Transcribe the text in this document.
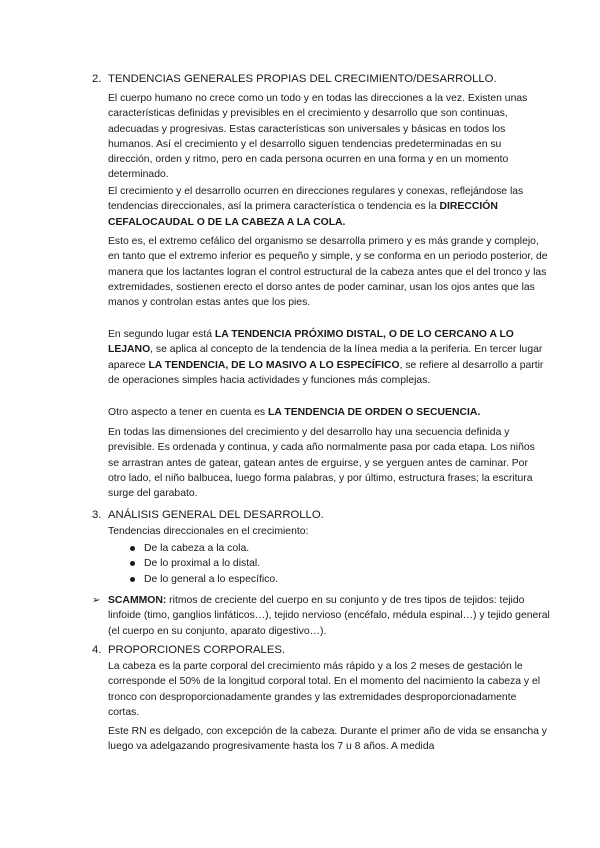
2. TENDENCIAS GENERALES PROPIAS DEL CRECIMIENTO/DESARROLLO.

El cuerpo humano no crece como un todo y en todas las direcciones a la vez. Existen unas características definidas y previsibles en el crecimiento y desarrollo que son continuas, adecuadas y progresivas. Estas características son universales y básicas en todos los humanos. Así el crecimiento y el desarrollo siguen tendencias predeterminadas en su dirección, orden y ritmo, pero en cada persona ocurren en una forma y en un momento determinado.

El crecimiento y el desarrollo ocurren en direcciones regulares y conexas, reflejándose las tendencias direccionales, así la primera característica o tendencia es la DIRECCIÓN CEFALOCAUDAL O DE LA CABEZA A LA COLA.

Esto es, el extremo cefálico del organismo se desarrolla primero y es más grande y complejo, en tanto que el extremo inferior es pequeño y simple, y se conforma en un periodo posterior, de manera que los lactantes logran el control estructural de la cabeza antes que el del tronco y las extremidades, sostienen erecto el dorso antes de poder caminar, usan los ojos antes que las manos y controlan estas antes que los pies.

En segundo lugar está LA TENDENCIA PRÓXIMO DISTAL, O DE LO CERCANO A LO LEJANO, se aplica al concepto de la tendencia de la línea media a la periferia. En tercer lugar aparece LA TENDENCIA, DE LO MASIVO A LO ESPECÍFICO, se refiere al desarrollo a partir de operaciones simples hacia actividades y funciones más complejas.

Otro aspecto a tener en cuenta es LA TENDENCIA DE ORDEN O SECUENCIA.

En todas las dimensiones del crecimiento y del desarrollo hay una secuencia definida y previsible. Es ordenada y continua, y cada año normalmente pasa por cada etapa. Los niños se arrastran antes de gatear, gatean antes de erguirse, y se yerguen antes de caminar. Por otro lado, el niño balbucea, luego forma palabras, y por último, estructura frases; la escritura surge del garabato.

3. ANÁLISIS GENERAL DEL DESARROLLO.

Tendencias direccionales en el crecimiento:

De la cabeza a la cola.
De lo proximal a lo distal.
De lo general a lo específico.
➢ SCAMMON: ritmos de creciente del cuerpo en su conjunto y de tres tipos de tejidos: tejido linfoide (timo, ganglios linfáticos…), tejido nervioso (encéfalo, médula espinal…) y tejido general (el cuerpo en su conjunto, aparato digestivo…).
4. PROPORCIONES CORPORALES.

La cabeza es la parte corporal del crecimiento más rápido y a los 2 meses de gestación le corresponde el 50% de la longitud corporal total. En el momento del nacimiento la cabeza y el tronco con desproporcionadamente grandes y las extremidades desproporcionadamente cortas.

Este RN es delgado, con excepción de la cabeza. Durante el primer año de vida se ensancha y luego va adelgazando progresivamente hasta los 7 u 8 años. A medida
